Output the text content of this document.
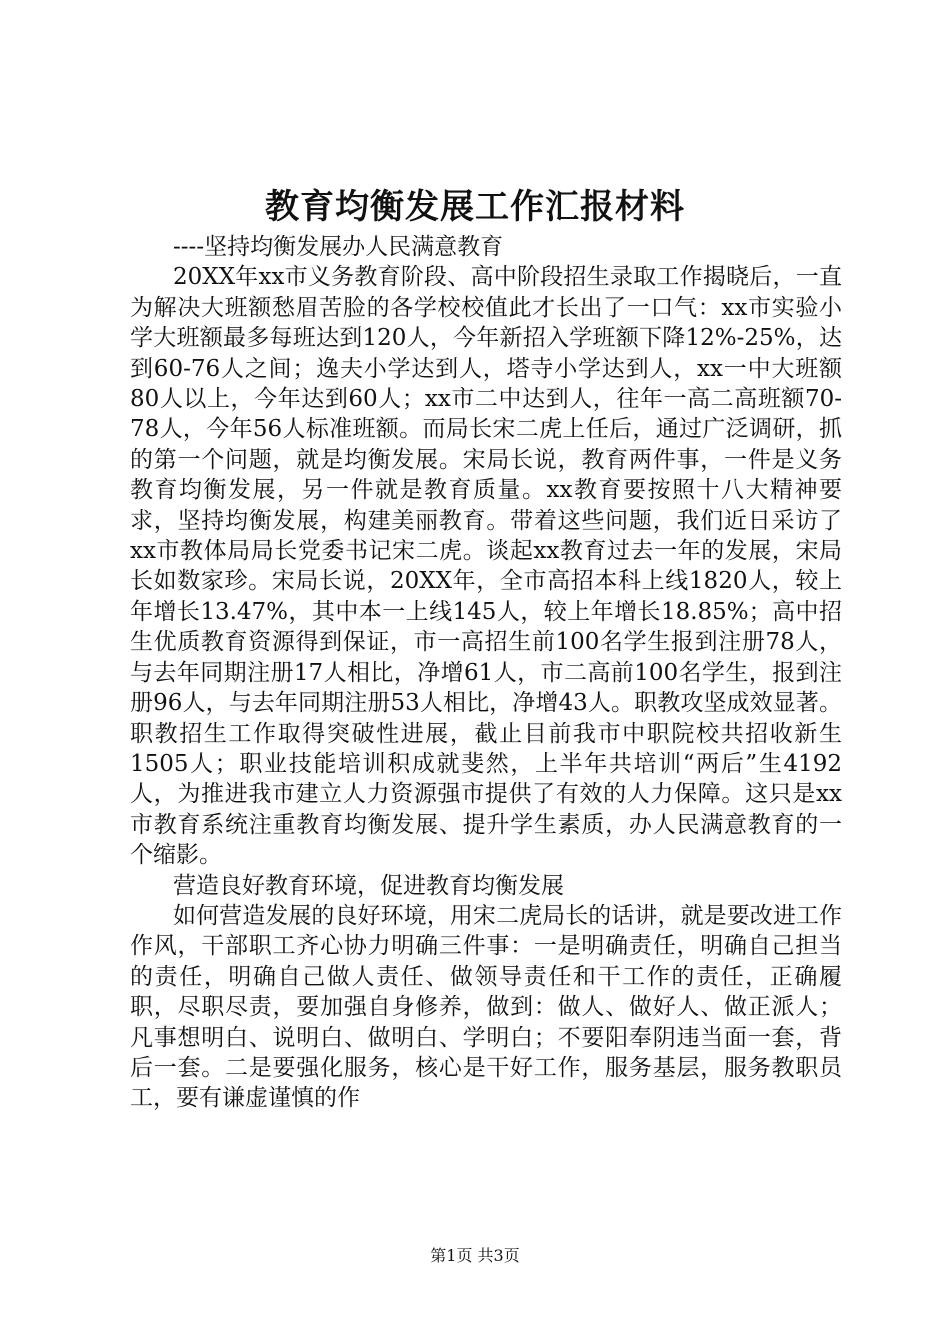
教育均衡发展工作汇报材料

----坚持均衡发展办人民满意教育

20XX年xx市义务教育阶段、高中阶段招生录取工作揭晓后，一直为解决大班额愁眉苦脸的各学校校值此才长出了一口气：xx市实验小学大班额最多每班达到120人，今年新招入学班额下降12%-25%，达到60-76人之间；逸夫小学达到人，塔寺小学达到人，xx一中大班额80人以上，今年达到60人；xx市二中达到人，往年一高二高班额70-78人，今年56人标准班额。而局长宋二虎上任后，通过广泛调研，抓的第一个问题，就是均衡发展。宋局长说，教育两件事，一件是义务教育均衡发展，另一件就是教育质量。xx教育要按照十八大精神要求，坚持均衡发展，构建美丽教育。带着这些问题，我们近日采访了xx市教体局局长党委书记宋二虎。谈起xx教育过去一年的发展，宋局长如数家珍。宋局长说，20XX年，全市高招本科上线1820人，较上年增长13.47%，其中本一上线145人，较上年增长18.85%；高中招生优质教育资源得到保证，市一高招生前100名学生报到注册78人，与去年同期注册17人相比，净增61人，市二高前100名学生，报到注册96人，与去年同期注册53人相比，净增43人。职教攻坚成效显著。职教招生工作取得突破性进展，截止目前我市中职院校共招收新生1505人；职业技能培训积成就斐然，上半年共培训“两后”生4192人，为推进我市建立人力资源强市提供了有效的人力保障。这只是xx市教育系统注重教育均衡发展、提升学生素质，办人民满意教育的一个缩影。

营造良好教育环境，促进教育均衡发展

如何营造发展的良好环境，用宋二虎局长的话讲，就是要改进工作作风，干部职工齐心协力明确三件事：一是明确责任，明确自己担当的责任，明确自己做人责任、做领导责任和干工作的责任，正确履职，尽职尽责，要加强自身修养，做到：做人、做好人、做正派人；凡事想明白、说明白、做明白、学明白；不要阳奉阴违当面一套，背后一套。二是要强化服务，核心是干好工作，服务基层，服务教职员工，要有谦虚谨慎的作

第1页 共3页
